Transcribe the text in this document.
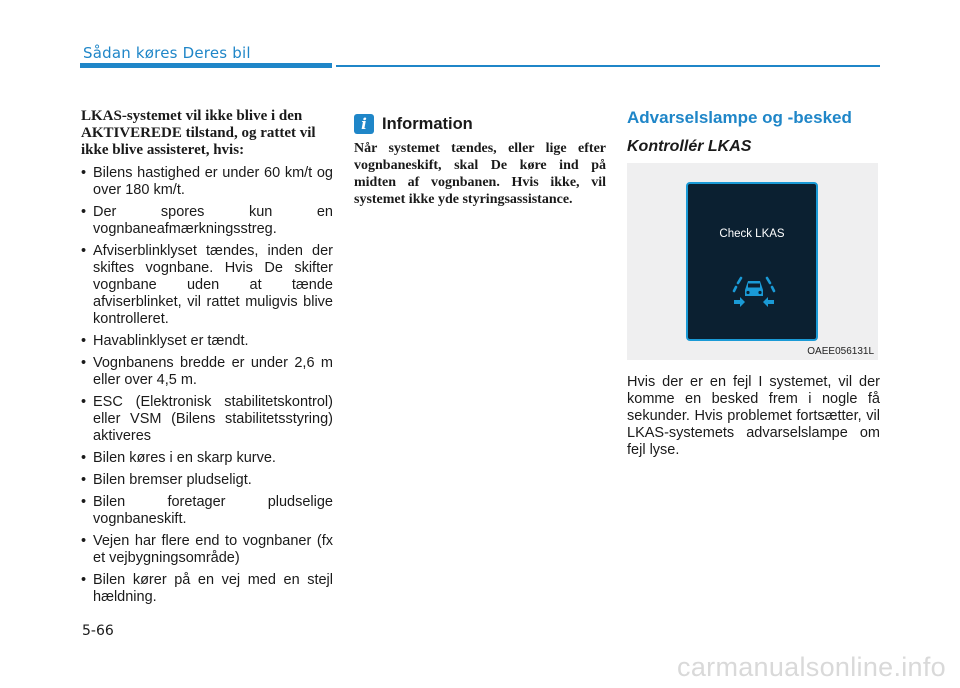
Sådan køres Deres bil

LKAS-systemet vil ikke blive i den AKTIVEREDE tilstand, og rattet vil ikke blive assisteret, hvis:

• Bilens hastighed er under 60 km/t og over 180 km/t.
• Der spores kun en vognbaneafmærkningsstreg.
• Afviserblinklyset tændes, inden der skiftes vognbane. Hvis De skifter vognbane uden at tænde afviserblinket, vil rattet muligvis blive kontrolleret.
• Havablinklyset er tændt.
• Vognbanens bredde er under 2,6 m eller over 4,5 m.
• ESC (Elektronisk stabilitetskontrol) eller VSM (Bilens stabilitetsstyring) aktiveres
• Bilen køres i en skarp kurve.
• Bilen bremser pludseligt.
• Bilen foretager pludselige vognbaneskift.
• Vejen har flere end to vognbaner (fx et vejbygningsområde)
• Bilen kører på en vej med en stejl hældning.
i Information

Når systemet tændes, eller lige efter vognbaneskift, skal De køre ind på midten af vognbanen. Hvis ikke, vil systemet ikke yde styringsassistance.

Advarselslampe og -besked

Kontrollér LKAS

Check LKAS
OAEE056131L

Hvis der er en fejl I systemet, vil der komme en besked frem i nogle få sekunder. Hvis problemet fortsætter, vil LKAS-systemets advarselslampe om fejl lyse.

5-66
carmanualsonline.info
